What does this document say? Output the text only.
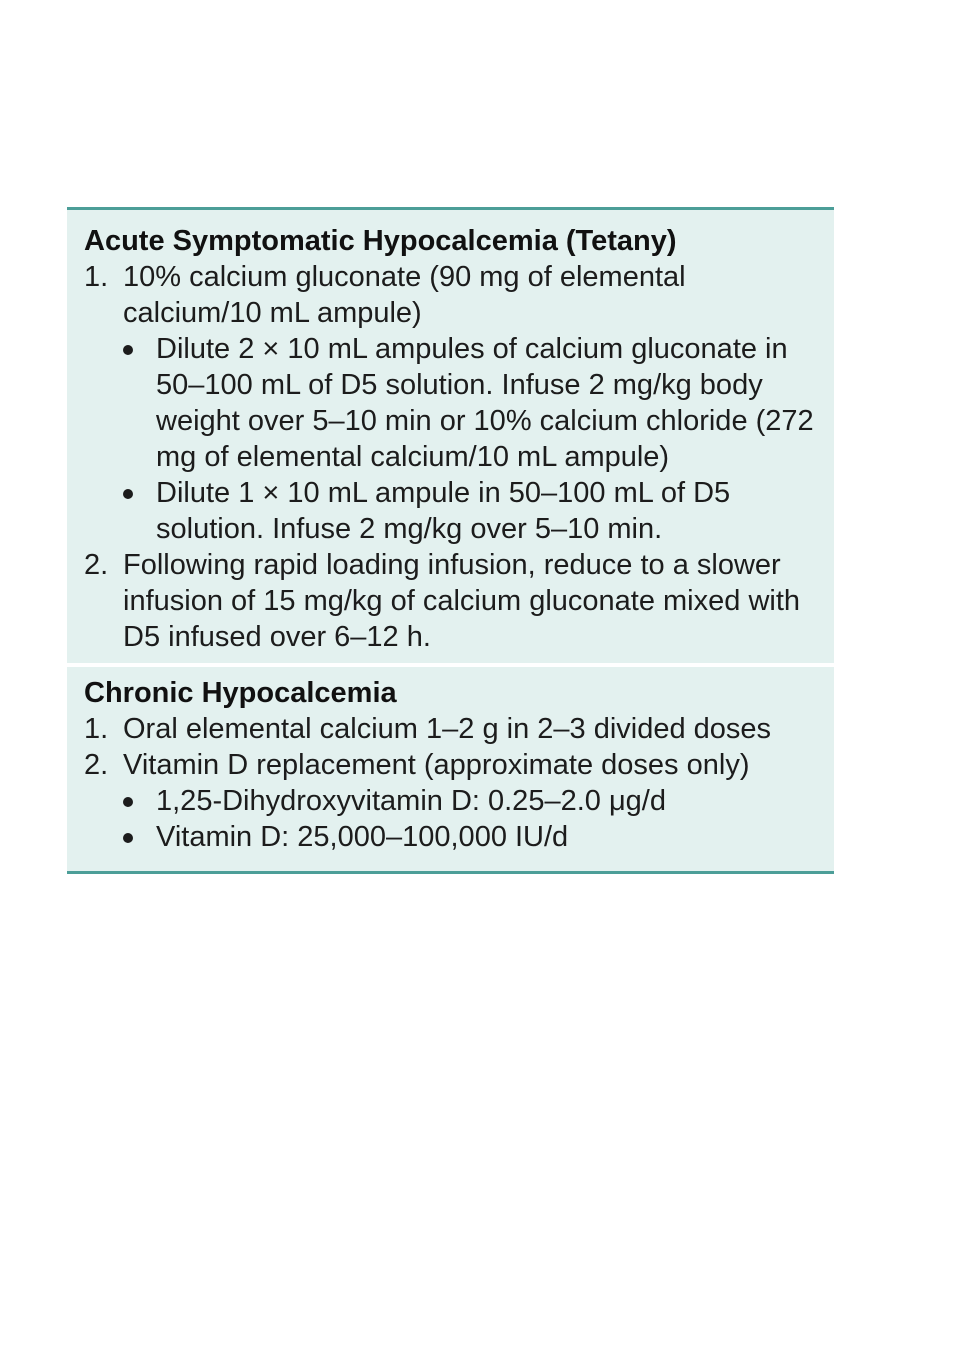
Acute Symptomatic Hypocalcemia (Tetany)
1. 10% calcium gluconate (90 mg of elemental calcium/10 mL ampule)
Dilute 2 × 10 mL ampules of calcium gluconate in 50–100 mL of D5 solution. Infuse 2 mg/kg body weight over 5–10 min or 10% calcium chloride (272 mg of elemental calcium/10 mL ampule)
Dilute 1 × 10 mL ampule in 50–100 mL of D5 solution. Infuse 2 mg/kg over 5–10 min.
2. Following rapid loading infusion, reduce to a slower infusion of 15 mg/kg of calcium gluconate mixed with D5 infused over 6–12 h.
Chronic Hypocalcemia
1. Oral elemental calcium 1–2 g in 2–3 divided doses
2. Vitamin D replacement (approximate doses only)
1,25-Dihydroxyvitamin D: 0.25–2.0 μg/d
Vitamin D: 25,000–100,000 IU/d
